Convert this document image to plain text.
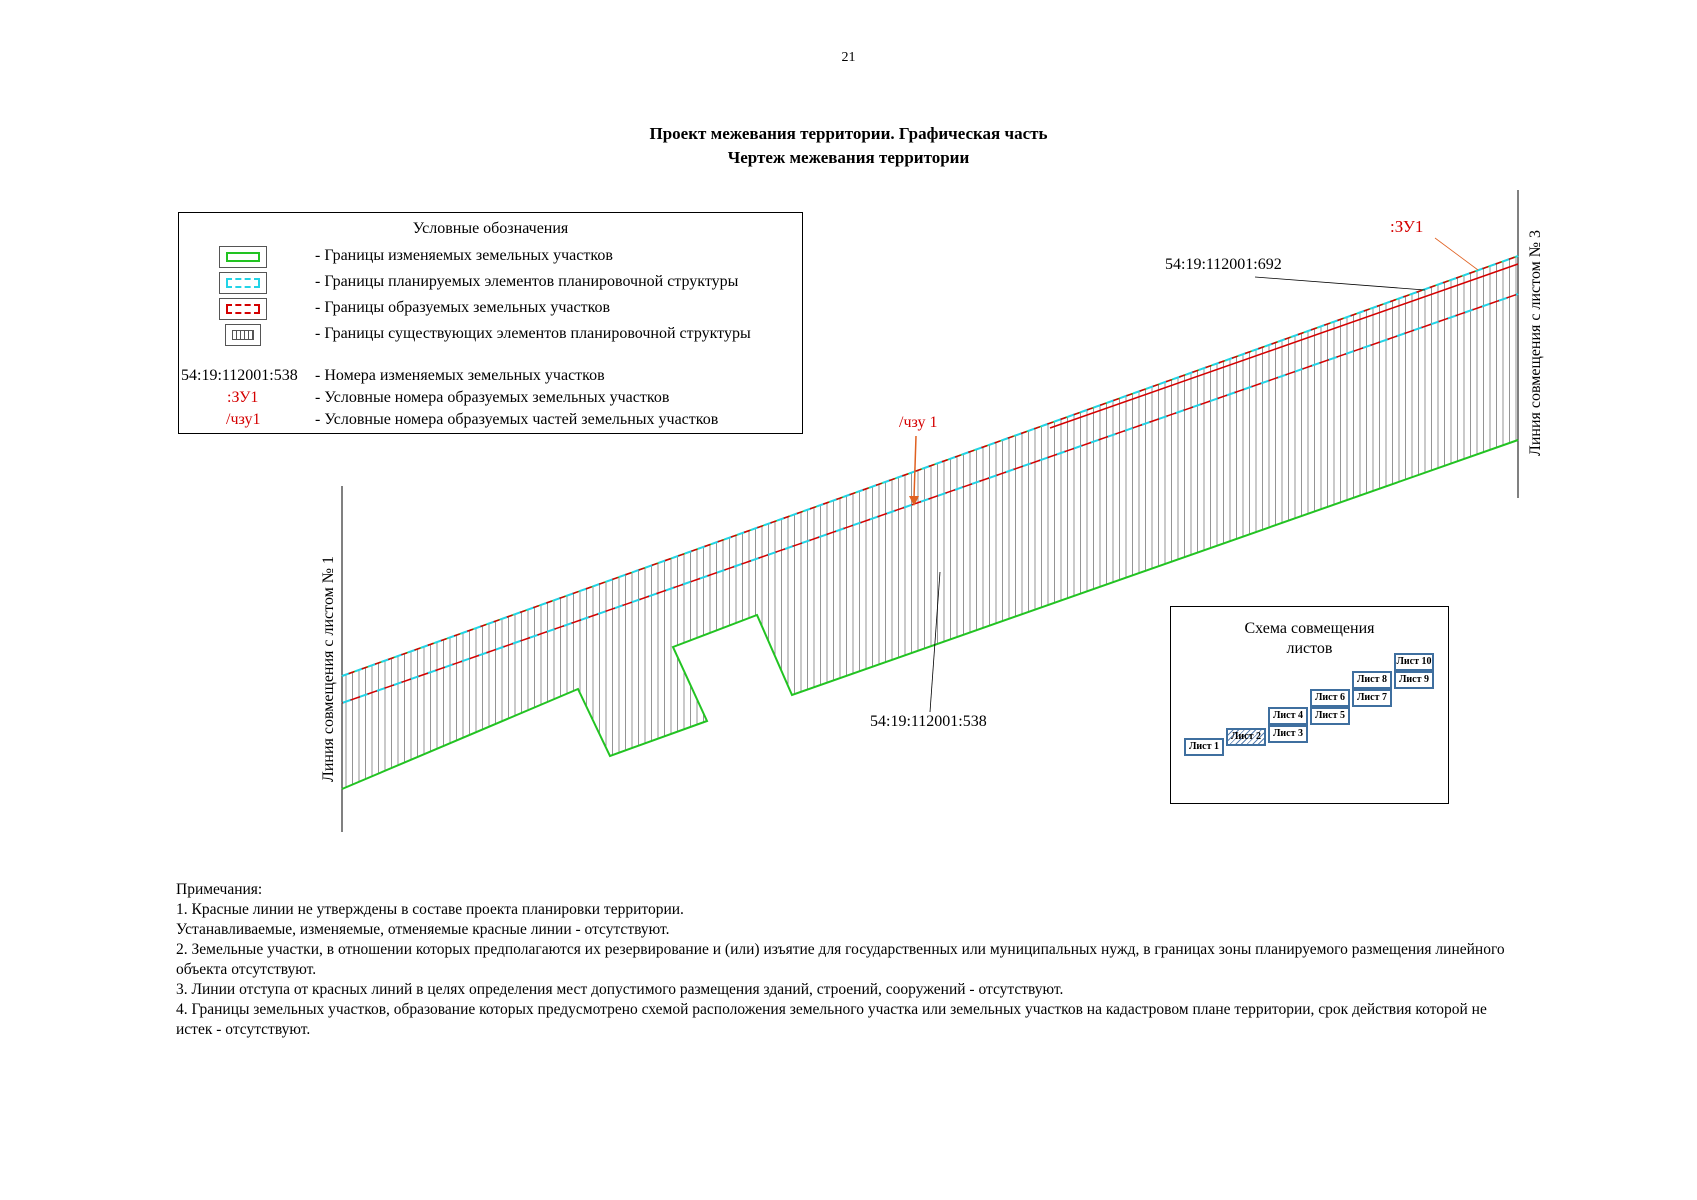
21
Проект межевания территории. Графическая часть
Чертеж межевания территории
54:19:112001:692
:ЗУ1
/чзу 1
54:19:112001:538
Линия совмещения с листом № 1
Линия совмещения с листом № 3
Условные обозначения
- Границы изменяемых земельных участков
- Границы планируемых элементов планировочной структуры
- Границы образуемых земельных участков
- Границы существующих элементов планировочной структуры
54:19:112001:538 - Номера изменяемых земельных участков
:ЗУ1	- Условные номера образуемых земельных участков
/чзу1	- Условные номера образуемых частей земельных участков
Схема совмещения
листов
Лист 1
Лист 2	Лист 3
Лист 4	Лист 5
Лист 6	Лист 7
Лист 8	Лист 9
Лист 10
Примечания:
1. Красные линии не утверждены в составе проекта планировки территории.
Устанавливаемые, изменяемые, отменяемые красные линии - отсутствуют.
2. Земельные участки, в отношении которых предполагаются их резервирование и (или) изъятие для государственных или муниципальных нужд, в границах зоны планируемого размещения линейного объекта отсутствуют.
3. Линии отступа от красных линий в целях определения мест допустимого размещения зданий, строений, сооружений - отсутствуют.
4. Границы земельных участков, образование которых предусмотрено схемой расположения земельного участка или земельных участков на кадастровом плане территории, срок действия которой не истек - отсутствуют.
